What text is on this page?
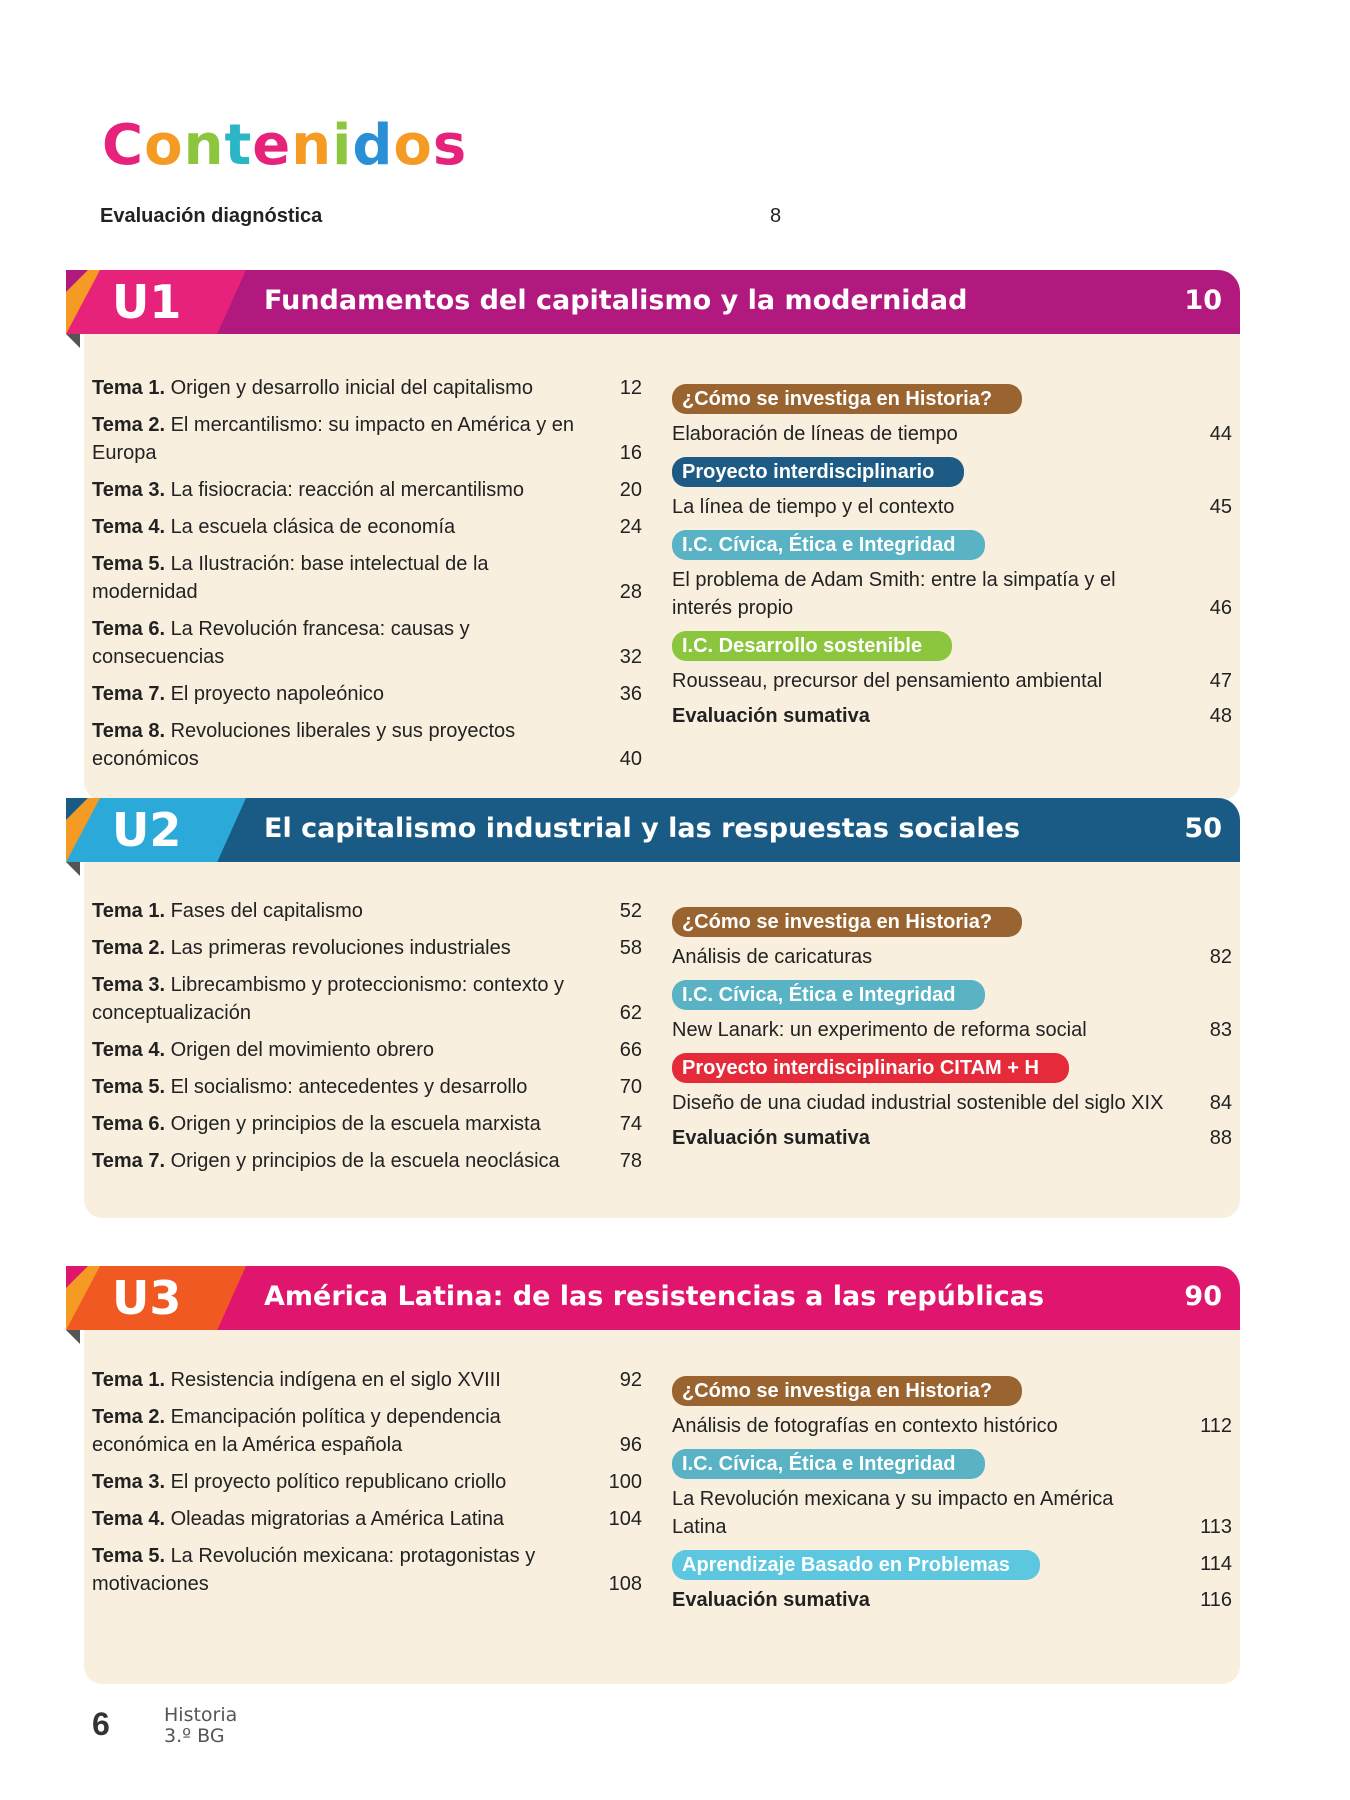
Contenidos
Evaluación diagnóstica	8
U1	Fundamentos del capitalismo y la modernidad	10
Tema 1. Origen y desarrollo inicial del capitalismo	12
Tema 2. El mercantilismo: su impacto en América y en Europa	16
Tema 3. La fisiocracia: reacción al mercantilismo	20
Tema 4. La escuela clásica de economía	24
Tema 5. La Ilustración: base intelectual de la modernidad	28
Tema 6. La Revolución francesa: causas y consecuencias	32
Tema 7. El proyecto napoleónico	36
Tema 8. Revoluciones liberales y sus proyectos económicos	40
¿Cómo se investiga en Historia?
Elaboración de líneas de tiempo	44
Proyecto interdisciplinario
La línea de tiempo y el contexto	45
I.C. Cívica, Ética e Integridad
El problema de Adam Smith: entre la simpatía y el interés propio	46
I.C. Desarrollo sostenible
Rousseau, precursor del pensamiento ambiental	47
Evaluación sumativa	48
U2	El capitalismo industrial y las respuestas sociales	50
Tema 1. Fases del capitalismo	52
Tema 2. Las primeras revoluciones industriales	58
Tema 3. Librecambismo y proteccionismo: contexto y conceptualización	62
Tema 4. Origen del movimiento obrero	66
Tema 5. El socialismo: antecedentes y desarrollo	70
Tema 6. Origen y principios de la escuela marxista	74
Tema 7. Origen y principios de la escuela neoclásica	78
¿Cómo se investiga en Historia?
Análisis de caricaturas	82
I.C. Cívica, Ética e Integridad
New Lanark: un experimento de reforma social	83
Proyecto interdisciplinario CITAM + H
Diseño de una ciudad industrial sostenible del siglo XIX 84
Evaluación sumativa	88
U3	América Latina: de las resistencias a las repúblicas	90
Tema 1. Resistencia indígena en el siglo XVIII	92
Tema 2. Emancipación política y dependencia económica en la América española	96
Tema 3. El proyecto político republicano criollo	100
Tema 4. Oleadas migratorias a América Latina	104
Tema 5. La Revolución mexicana: protagonistas y motivaciones	108
¿Cómo se investiga en Historia?
Análisis de fotografías en contexto histórico	112
I.C. Cívica, Ética e Integridad
La Revolución mexicana y su impacto en América Latina	113
Aprendizaje Basado en Problemas	114
Evaluación sumativa	116
6	Historia
3.º BG
